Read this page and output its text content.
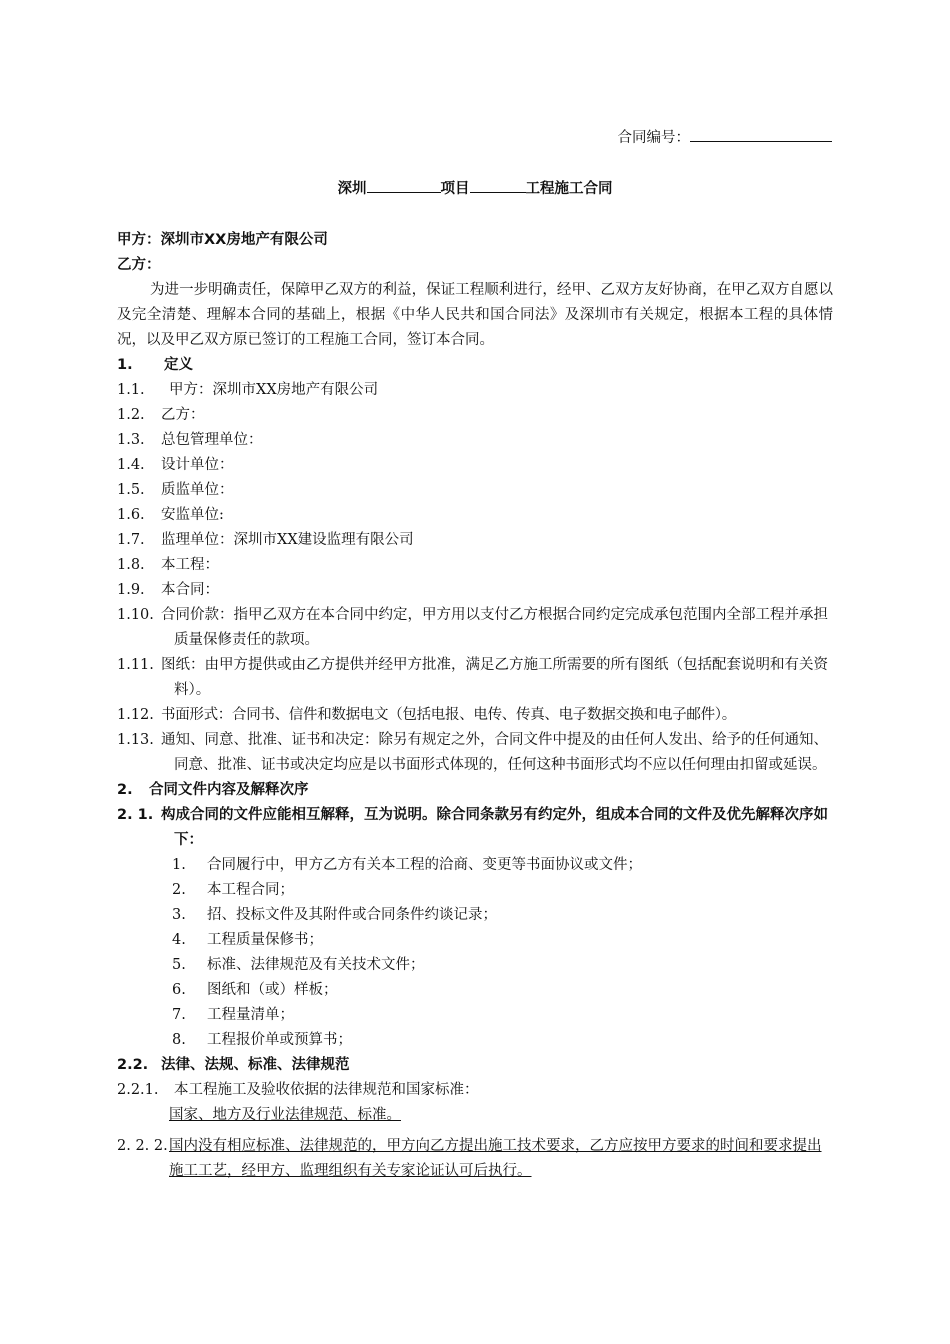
合同编号：
深圳	项目	工程施工合同
甲方：深圳市XX房地产有限公司
乙方：
为进一步明确责任，保障甲乙双方的利益，保证工程顺利进行，经甲、乙双方友好协商，在甲乙双方自愿以及完全清楚、理解本合同的基础上，根据《中华人民共和国合同法》及深圳市有关规定，根据本工程的具体情况，以及甲乙双方原已签订的工程施工合同，签订本合同。
1.	定义
1.1.	甲方：深圳市XX房地产有限公司
1.2.	乙方：
1.3.	总包管理单位：
1.4.	设计单位：
1.5.	质监单位：
1.6.	安监单位:
1.7.	监理单位：深圳市XX建设监理有限公司
1.8.	本工程：
1.9.	本合同：
1.10. 合同价款：指甲乙双方在本合同中约定，甲方用以支付乙方根据合同约定完成承包范围内全部工程并承担质量保修责任的款项。
1.11. 图纸：由甲方提供或由乙方提供并经甲方批准，满足乙方施工所需要的所有图纸（包括配套说明和有关资料）。
1.12. 书面形式：合同书、信件和数据电文（包括电报、电传、传真、电子数据交换和电子邮件）。
1.13. 通知、同意、批准、证书和决定：除另有规定之外，合同文件中提及的由任何人发出、给予的任何通知、同意、批准、证书或决定均应是以书面形式体现的，任何这种书面形式均不应以任何理由扣留或延误。
2.	合同文件内容及解释次序
2. 1. 构成合同的文件应能相互解释，互为说明。除合同条款另有约定外，组成本合同的文件及优先解释次序如下：
1.	合同履行中，甲方乙方有关本工程的洽商、变更等书面协议或文件；
2.	本工程合同；
3.	招、投标文件及其附件或合同条件约谈记录；
4.	工程质量保修书；
5.	标准、法律规范及有关技术文件；
6.	图纸和（或）样板；
7.	工程量清单；
8.	工程报价单或预算书；
2.2. 法律、法规、标准、法律规范
2.2.1.	本工程施工及验收依据的法律规范和国家标准：
国家、地方及行业法律规范、标准。
2. 2. 2. 国内没有相应标准、法律规范的，甲方向乙方提出施工技术要求，乙方应按甲方要求的时间和要求提出施工工艺，经甲方、监理组织有关专家论证认可后执行。
